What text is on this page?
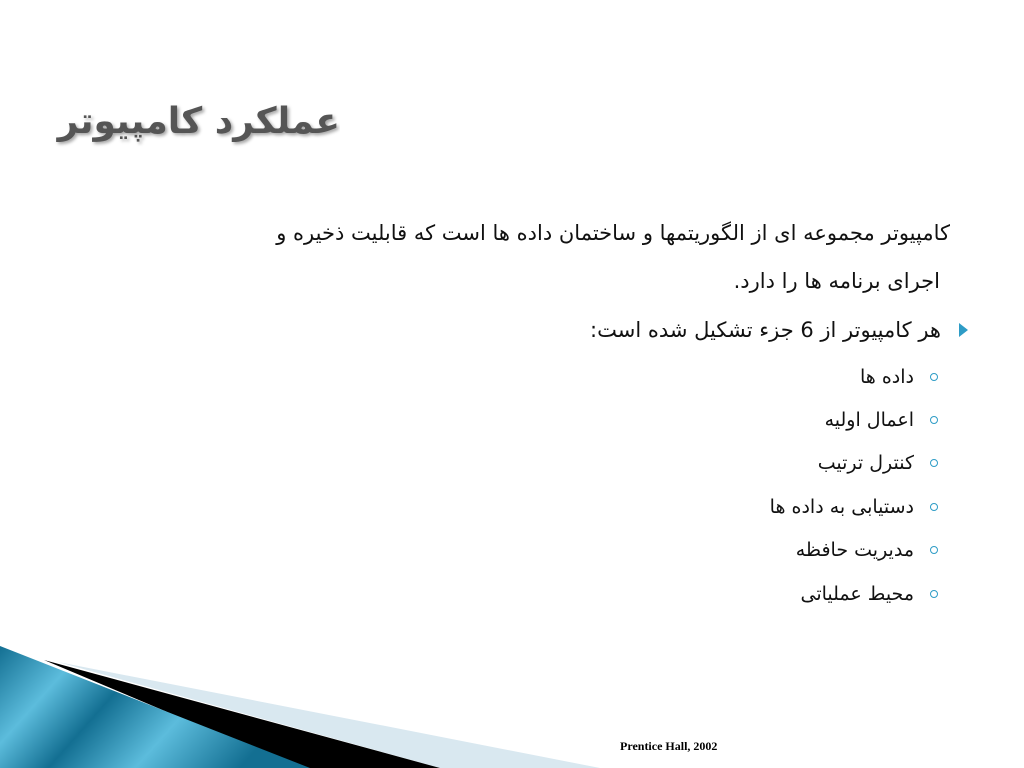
عملکرد کامپیوتر
کامپیوتر مجموعه ای از الگوریتمها و ساختمان داده ها است که قابلیت ذخیره و
اجرای برنامه ها را دارد.
هر کامپیوتر از 6 جزء تشکیل شده است:
داده ها
اعمال اولیه
کنترل ترتیب
دستیابی به داده ها
مدیریت حافظه
محیط عملیاتی
Prentice Hall, 2002
